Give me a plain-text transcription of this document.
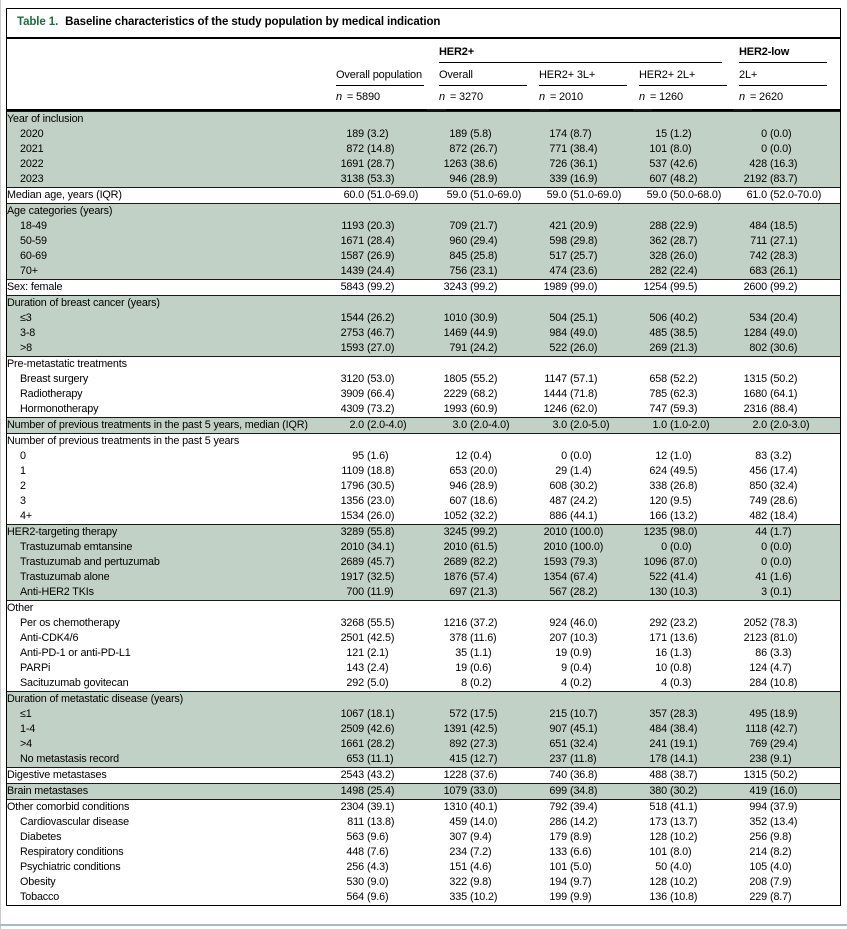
Table 1. Baseline characteristics of the study population by medical indication
HER2+	HER2-low
Overall population	Overall	HER2+ 3L+	HER2+ 2L+	2L+
n = 5890	n = 3270	n = 2010	n = 1260	n = 2620
Year of inclusion					
2020	189 (3.2)	189 (5.8)	174 (8.7)	15 (1.2)	0 (0.0)

2021	872 (14.8)	872 (26.7)	771 (38.4)	101 (8.0)	0 (0.0)

2022	1691 (28.7)	1263 (38.6)	726 (36.1)	537 (42.6)	428 (16.3)

2023	3138 (53.3)	946 (28.9)	339 (16.9)	607 (48.2)	2192 (83.7)

Median age, years (IQR)	60.0 (51.0-69.0)	59.0 (51.0-69.0)	59.0 (51.0-69.0)	59.0 (50.0-68.0)	61.0 (52.0-70.0)

Age categories (years)					
18-49	1193 (20.3)	709 (21.7)	421 (20.9)	288 (22.9)	484 (18.5)

50-59	1671 (28.4)	960 (29.4)	598 (29.8)	362 (28.7)	711 (27.1)

60-69	1587 (26.9)	845 (25.8)	517 (25.7)	328 (26.0)	742 (28.3)

70+	1439 (24.4)	756 (23.1)	474 (23.6)	282 (22.4)	683 (26.1)

Sex: female	5843 (99.2)	3243 (99.2)	1989 (99.0)	1254 (99.5)	2600 (99.2)

Duration of breast cancer (years)					
≤3	1544 (26.2)	1010 (30.9)	504 (25.1)	506 (40.2)	534 (20.4)

3-8	2753 (46.7)	1469 (44.9)	984 (49.0)	485 (38.5)	1284 (49.0)

>8	1593 (27.0)	791 (24.2)	522 (26.0)	269 (21.3)	802 (30.6)

Pre-metastatic treatments					
Breast surgery	3120 (53.0)	1805 (55.2)	1147 (57.1)	658 (52.2)	1315 (50.2)

Radiotherapy	3909 (66.4)	2229 (68.2)	1444 (71.8)	785 (62.3)	1680 (64.1)

Hormonotherapy	4309 (73.2)	1993 (60.9)	1246 (62.0)	747 (59.3)	2316 (88.4)

Number of previous treatments in the past 5 years, median (IQR)	2.0 (2.0-4.0)	3.0 (2.0-4.0)	3.0 (2.0-5.0)	1.0 (1.0-2.0)	2.0 (2.0-3.0)

Number of previous treatments in the past 5 years					
0	95 (1.6)	12 (0.4)	0 (0.0)	12 (1.0)	83 (3.2)

1	1109 (18.8)	653 (20.0)	29 (1.4)	624 (49.5)	456 (17.4)

2	1796 (30.5)	946 (28.9)	608 (30.2)	338 (26.8)	850 (32.4)

3	1356 (23.0)	607 (18.6)	487 (24.2)	120 (9.5)	749 (28.6)

4+	1534 (26.0)	1052 (32.2)	886 (44.1)	166 (13.2)	482 (18.4)

HER2-targeting therapy	3289 (55.8)	3245 (99.2)	2010 (100.0)	1235 (98.0)	44 (1.7)

Trastuzumab emtansine	2010 (34.1)	2010 (61.5)	2010 (100.0)	0 (0.0)	0 (0.0)

Trastuzumab and pertuzumab	2689 (45.7)	2689 (82.2)	1593 (79.3)	1096 (87.0)	0 (0.0)

Trastuzumab alone	1917 (32.5)	1876 (57.4)	1354 (67.4)	522 (41.4)	41 (1.6)

Anti-HER2 TKIs	700 (11.9)	697 (21.3)	567 (28.2)	130 (10.3)	3 (0.1)

Other					
Per os chemotherapy	3268 (55.5)	1216 (37.2)	924 (46.0)	292 (23.2)	2052 (78.3)

Anti-CDK4/6	2501 (42.5)	378 (11.6)	207 (10.3)	171 (13.6)	2123 (81.0)

Anti-PD-1 or anti-PD-L1	121 (2.1)	35 (1.1)	19 (0.9)	16 (1.3)	86 (3.3)

PARPi	143 (2.4)	19 (0.6)	9 (0.4)	10 (0.8)	124 (4.7)

Sacituzumab govitecan	292 (5.0)	8 (0.2)	4 (0.2)	4 (0.3)	284 (10.8)

Duration of metastatic disease (years)					
≤1	1067 (18.1)	572 (17.5)	215 (10.7)	357 (28.3)	495 (18.9)

1-4	2509 (42.6)	1391 (42.5)	907 (45.1)	484 (38.4)	1118 (42.7)

>4	1661 (28.2)	892 (27.3)	651 (32.4)	241 (19.1)	769 (29.4)

No metastasis record	653 (11.1)	415 (12.7)	237 (11.8)	178 (14.1)	238 (9.1)

Digestive metastases	2543 (43.2)	1228 (37.6)	740 (36.8)	488 (38.7)	1315 (50.2)

Brain metastases	1498 (25.4)	1079 (33.0)	699 (34.8)	380 (30.2)	419 (16.0)

Other comorbid conditions	2304 (39.1)	1310 (40.1)	792 (39.4)	518 (41.1)	994 (37.9)

Cardiovascular disease	811 (13.8)	459 (14.0)	286 (14.2)	173 (13.7)	352 (13.4)

Diabetes	563 (9.6)	307 (9.4)	179 (8.9)	128 (10.2)	256 (9.8)

Respiratory conditions	448 (7.6)	234 (7.2)	133 (6.6)	101 (8.0)	214 (8.2)

Psychiatric conditions	256 (4.3)	151 (4.6)	101 (5.0)	50 (4.0)	105 (4.0)

Obesity	530 (9.0)	322 (9.8)	194 (9.7)	128 (10.2)	208 (7.9)

Tobacco	564 (9.6)	335 (10.2)	199 (9.9)	136 (10.8)	229 (8.7)
